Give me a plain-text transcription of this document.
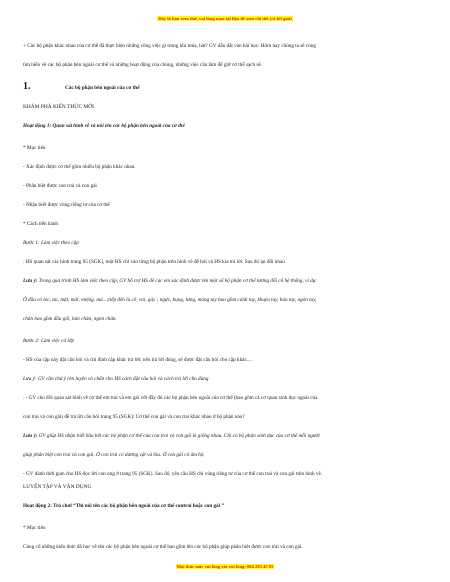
Đây là bản xem thử, vui lòng mua tài liệu để xem chi tiết (có lời giải)

+ Các bộ phận khác nhau của cơ thể đã thực hiện những công việc gì trong khi múa, hát? GV dẫn dắt vào bài học: Hôm nay chúng ta sẽ cùng

tìm hiểu về các bộ phận bên ngoài cơ thể và những hoạt động của chúng, những việc cần làm để giữ cơ thể sạch sẽ.

1.	Các bộ phận bên ngoài của cơ thể

KHÁM PHÁ KIẾN THỨC MỚI

Hoạt động 1: Quan sát hình vẽ và nói tên các bộ phận bên ngoài của cơ thể

* Mục tiêu

- Xác định được cơ thể gồm nhiều bộ phận khác nhau.

- Phân biệt được con trai và con gái

- Nhận biết được vùng riêng tư của cơ thể

* Cách tiến hành

Bước 1: Làm việc theo cặp

. HS quan sát các hình trang 95 (SGK), một HS chỉ vào từng bộ phận trên hình vẽ để hỏi và HS kia trả lời. Sau đó lại đổi nhau

Lưu ý: Trong quá trình HS làm việc theo cặp, GV hỗ trợ HS để các em xác định được tên một số bộ phận cơ thể tương đối cố hệ thống, ví dụ:

Ở đầu có tóc, tai, mặt, mắt, miệng, má...;tiếp đến là cổ, vai, gáy ; ngực, bụng, lưng, mông tay bao gồm cánh tay, khuỷu tay, bàn tay, ngón tay,

chân bao gồm đầu gối, bàn chân, ngón chân.

Bước 2: Làm việc cả lớp

- HS của cặp này đặt câu hỏi và chỉ định cặp khác trả lời; nếu trả lời đúng, sẽ được đặt câu hỏi cho cặp khác....

Lưu ý: GV cần chú ý rèn luyện và chấn cho HS cách đặt câu hỏi và cách trả lời cho đúng

. - GV cho HS quan sát hình vẽ cơ thể em trai và em gái với đầy đủ các bộ phận bên ngoài của cơ thể (bao gồm cả cơ quan sinh dục ngoài của

con trai và con gái) để trả lời câu hỏi trang 95 (SGK): Cơ thể con gái và con trai khác nhau ở bộ phận nào?

Lưu ý: GV giúp HS nhận biết hầu hết các bộ phận cơ thể của con trai và con gái là giống nhau. Chỉ có bộ phận sinh dục của cơ thể mỗi người

giúp phân biệt con trai và con gái. Ở con trai có dương vật và bìu. Ở con gái có âm hộ.

- GV dành thời gian cho HS đọc lời con ong ở trang 95 (SGK). Sau đó, yêu cầu HS chỉ vùng riêng tư của cơ thể con trai và con gái trên hình vẽ.

LUYỆN TẬP VÀ VẬN DỤNG

Hoạt động 2: Trò chơi “Thi nói tên các bộ phận bên ngoài của cơ thể contrai hoặc con gái ”

* Mục tiêu

Củng cố những kiến thức đã học về tên các bộ phận bên ngoài cơ thể bao gồm tên các bộ phận giúp phân biệt được con trai và con gái.

Mọi thắc mắc vui lòng xin vui lòng: 084 283 45 85
